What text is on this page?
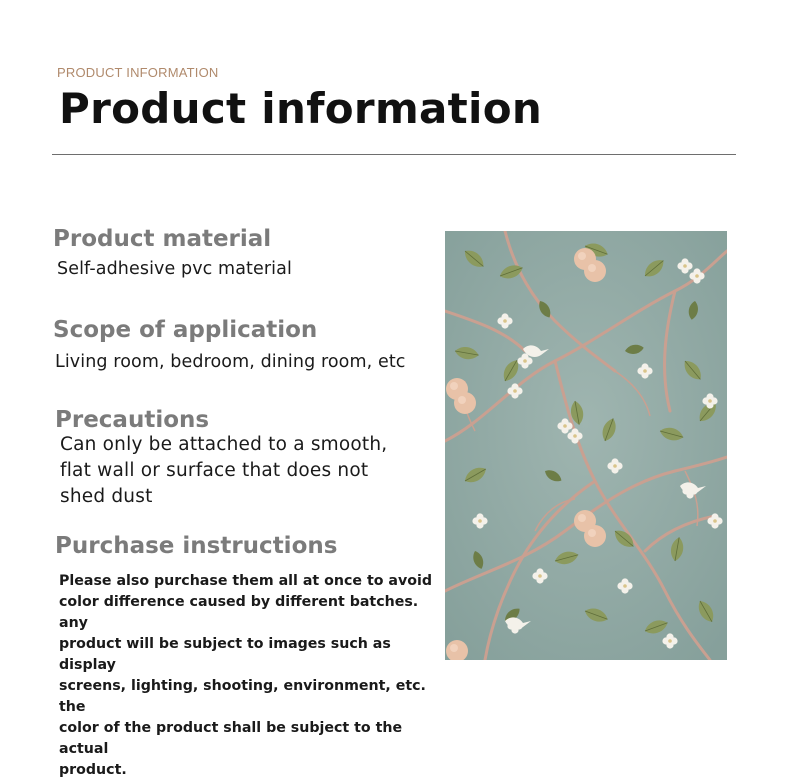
PRODUCT INFORMATION
Product information
Product material
Self-adhesive pvc material
Scope of application
Living room, bedroom, dining room, etc
Precautions
Can only be attached to a smooth,
flat wall or surface that does not
shed dust
Purchase instructions
Please also purchase them all at once to avoid
color difference caused by different batches. any
product will be subject to images such as display
screens, lighting, shooting, environment, etc. the
color of the product shall be subject to the actual
product.
